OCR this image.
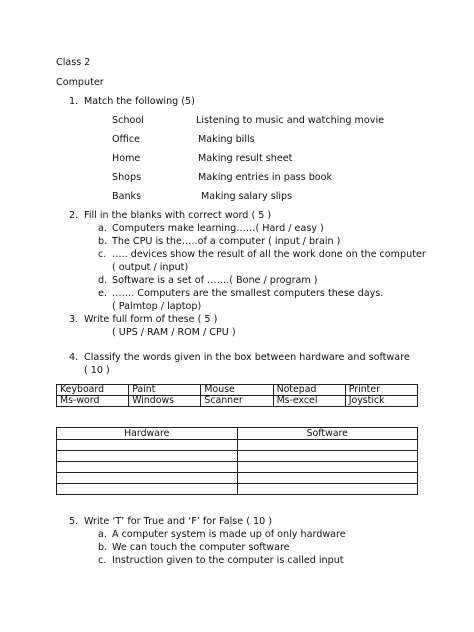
Class 2
Computer
1. Match the following (5)
School	Listening to music and watching movie
Office	Making bills
Home	Making result sheet
Shops	Making entries in pass book
Banks	Making salary slips
2. Fill in the blanks with correct word ( 5 )
a. Computers make learning……( Hard / easy )
b. The CPU is the…..of a computer ( input / brain )
c. ….. devices show the result of all the work done on the computer
( output / input)
d. Software is a set of …….( Bone / program )
e. ……. Computers are the smallest computers these days.
( Palmtop / laptop)
3. Write full form of these ( 5 )
( UPS / RAM / ROM / CPU )
4. Classify the words given in the box between hardware and software
( 10 )
Keyboard	Paint	Mouse	Notepad	Printer
Ms-word	Windows	Scanner	Ms-excel	Joystick
Hardware	Software

5. Write ‘T’ for True and ‘F’ for False ( 10 )
a. A computer system is made up of only hardware
b. We can touch the computer software
c. Instruction given to the computer is called input
